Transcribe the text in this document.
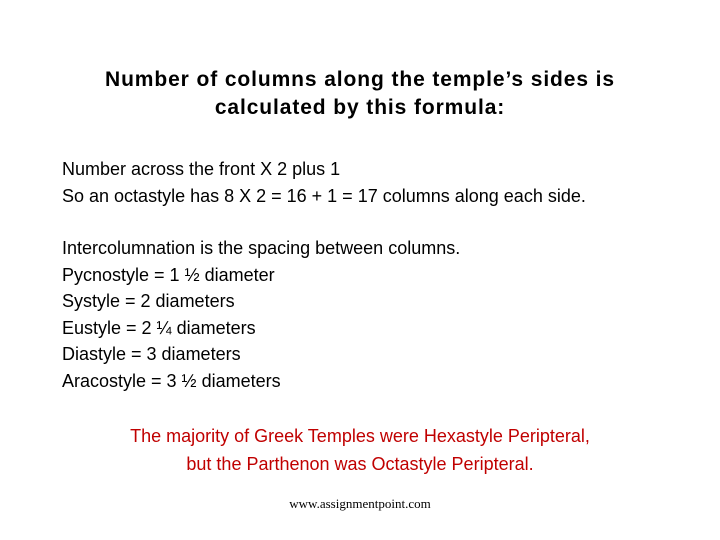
Number of columns along the temple’s sides is
calculated by this formula:
Number across the front X 2 plus 1
So an octastyle has 8 X 2 = 16 + 1 = 17 columns along each side.
Intercolumnation is the spacing between columns.
Pycnostyle = 1 ½ diameter
Systyle = 2 diameters
Eustyle = 2 ¼ diameters
Diastyle = 3 diameters
Aracostyle = 3 ½ diameters
The majority of Greek Temples were Hexastyle Peripteral,
but the Parthenon was Octastyle Peripteral.
www.assignmentpoint.com
